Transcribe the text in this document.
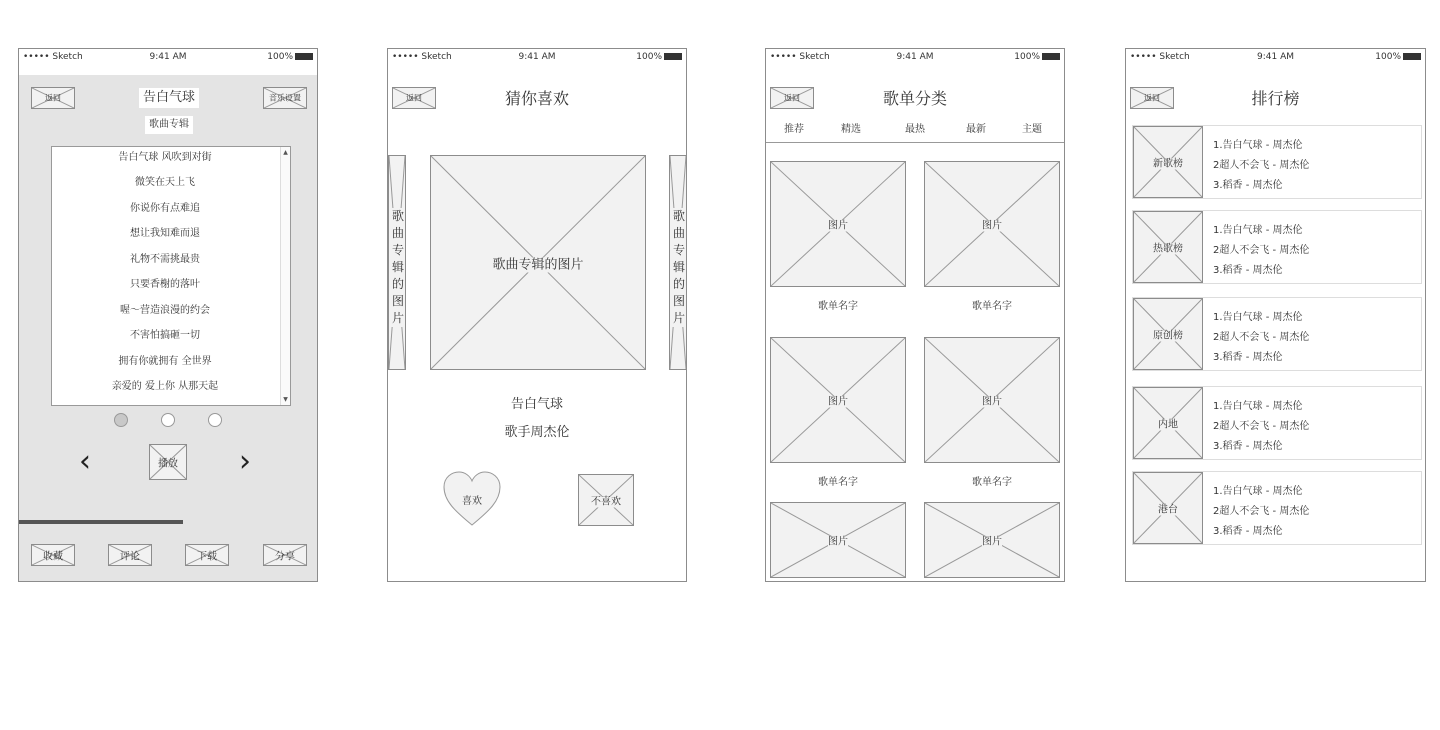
••••• Sketch	9:41 AM	100%
返回	告白气球	音乐设置
歌曲专辑
告白气球 风吹到对街
微笑在天上飞
你说你有点难追
想让我知难而退
礼物不需挑最贵
只要香榭的落叶
喔～营造浪漫的约会
不害怕搞砸一切
拥有你就拥有 全世界
亲爱的 爱上你 从那天起
▲
▼
‹	播放 ›
收藏	评论	下载	分享
••••• Sketch	9:41 AM	100%
返回	猜你喜欢
歌曲专辑的图片
歌曲专辑的图片
歌曲专辑的图片
告白气球
歌手周杰伦
喜欢	不喜欢
••••• Sketch	9:41 AM	100%
返回	歌单分类
推荐	精选	最热	最新	主题
图片	图片
歌单名字	歌单名字
图片	图片
歌单名字	歌单名字
图片	图片
••••• Sketch	9:41 AM	100%
返回	排行榜
新歌榜
1.告白气球 - 周杰伦
2超人不会飞 - 周杰伦
3.稻香 - 周杰伦
热歌榜
1.告白气球 - 周杰伦
2超人不会飞 - 周杰伦
3.稻香 - 周杰伦
原创榜
1.告白气球 - 周杰伦
2超人不会飞 - 周杰伦
3.稻香 - 周杰伦
内地
1.告白气球 - 周杰伦
2超人不会飞 - 周杰伦
3.稻香 - 周杰伦
港台
1.告白气球 - 周杰伦
2超人不会飞 - 周杰伦
3.稻香 - 周杰伦
